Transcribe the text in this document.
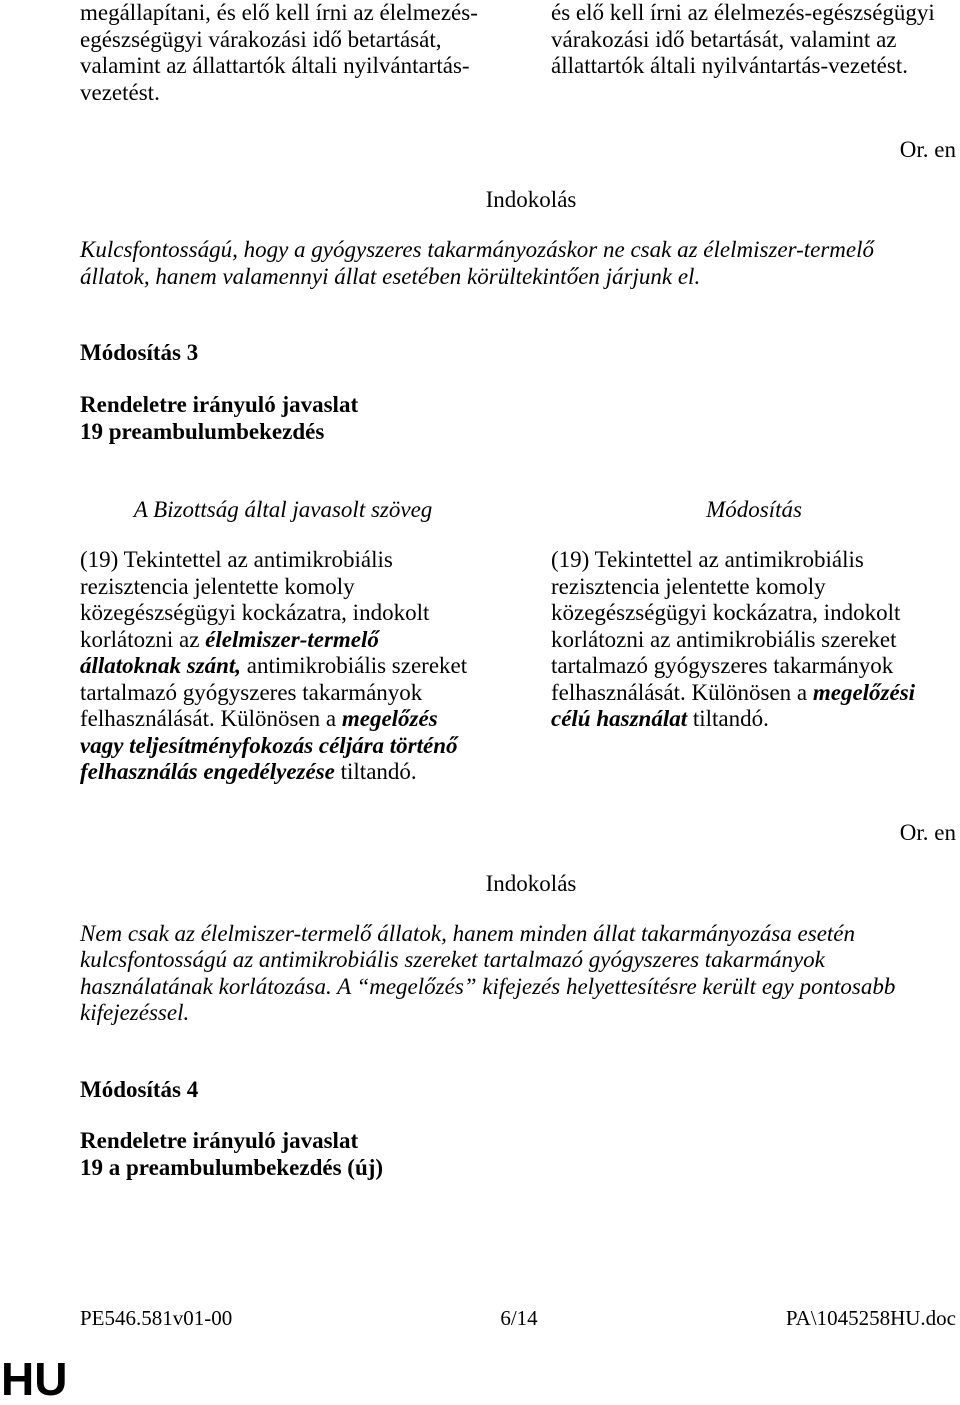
megállapítani, és elő kell írni az élelmezés-
egészségügyi várakozási idő betartását,
valamint az állattartók általi nyilvántartás-
vezetést.
és elő kell írni az élelmezés-egészségügyi
várakozási idő betartását, valamint az
állattartók általi nyilvántartás-vezetést.
Or. en
Indokolás
Kulcsfontosságú, hogy a gyógyszeres takarmányozáskor ne csak az élelmiszer-termelő
állatok, hanem valamennyi állat esetében körültekintően járjunk el.
Módosítás 3
Rendeletre irányuló javaslat
19 preambulumbekezdés
A Bizottság által javasolt szöveg	Módosítás
(19) Tekintettel az antimikrobiális
rezisztencia jelentette komoly
közegészségügyi kockázatra, indokolt
korlátozni az élelmiszer-termelő
állatoknak szánt, antimikrobiális szereket
tartalmazó gyógyszeres takarmányok
felhasználását. Különösen a megelőzés
vagy teljesítményfokozás céljára történő
felhasználás engedélyezése tiltandó.
(19) Tekintettel az antimikrobiális
rezisztencia jelentette komoly
közegészségügyi kockázatra, indokolt
korlátozni az antimikrobiális szereket
tartalmazó gyógyszeres takarmányok
felhasználását. Különösen a megelőzési
célú használat tiltandó.
Or. en
Indokolás
Nem csak az élelmiszer-termelő állatok, hanem minden állat takarmányozása esetén
kulcsfontosságú az antimikrobiális szereket tartalmazó gyógyszeres takarmányok
használatának korlátozása. A “megelőzés” kifejezés helyettesítésre került egy pontosabb
kifejezéssel.
Módosítás 4
Rendeletre irányuló javaslat
19 a preambulumbekezdés (új)
PE546.581v01-00	6/14	PA\1045258HU.doc
HU
